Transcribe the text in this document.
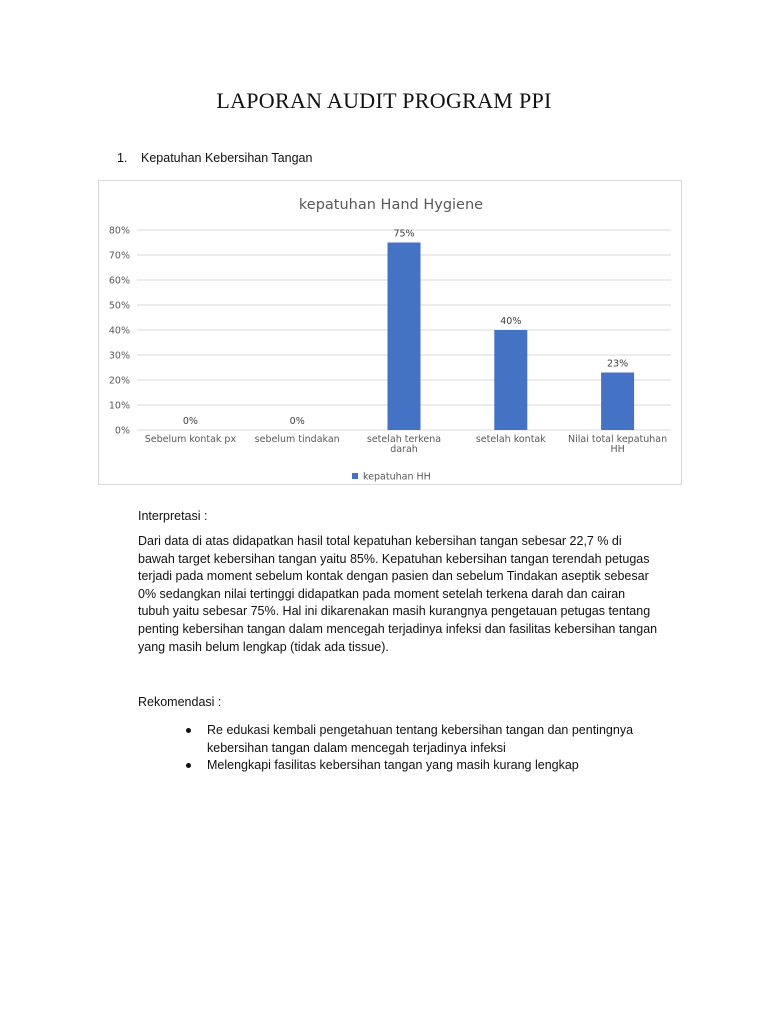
LAPORAN AUDIT PROGRAM PPI
1. Kepatuhan Kebersihan Tangan
kepatuhan Hand Hygiene
0%
10%
20%
30%
40%
50%
60%
70%
80%
0%	0%
75%
40%
23%
Sebelum kontak px sebelum tindakan	setelah terkena
darah
setelah kontak Nilai total kepatuhan
HH
kepatuhan HH
Interpretasi :
Dari data di atas didapatkan hasil total kepatuhan kebersihan tangan sebesar 22,7 % di bawah target kebersihan tangan yaitu 85%. Kepatuhan kebersihan tangan terendah petugas terjadi pada moment sebelum kontak dengan pasien dan sebelum Tindakan aseptik sebesar 0% sedangkan nilai tertinggi didapatkan pada moment setelah terkena darah dan cairan tubuh yaitu sebesar 75%. Hal ini dikarenakan masih kurangnya pengetauan petugas tentang penting kebersihan tangan dalam mencegah terjadinya infeksi dan fasilitas kebersihan tangan yang masih belum lengkap (tidak ada tissue).
Rekomendasi :
Re edukasi kembali pengetahuan tentang kebersihan tangan dan pentingnya kebersihan tangan dalam mencegah terjadinya infeksi
Melengkapi fasilitas kebersihan tangan yang masih kurang lengkap
